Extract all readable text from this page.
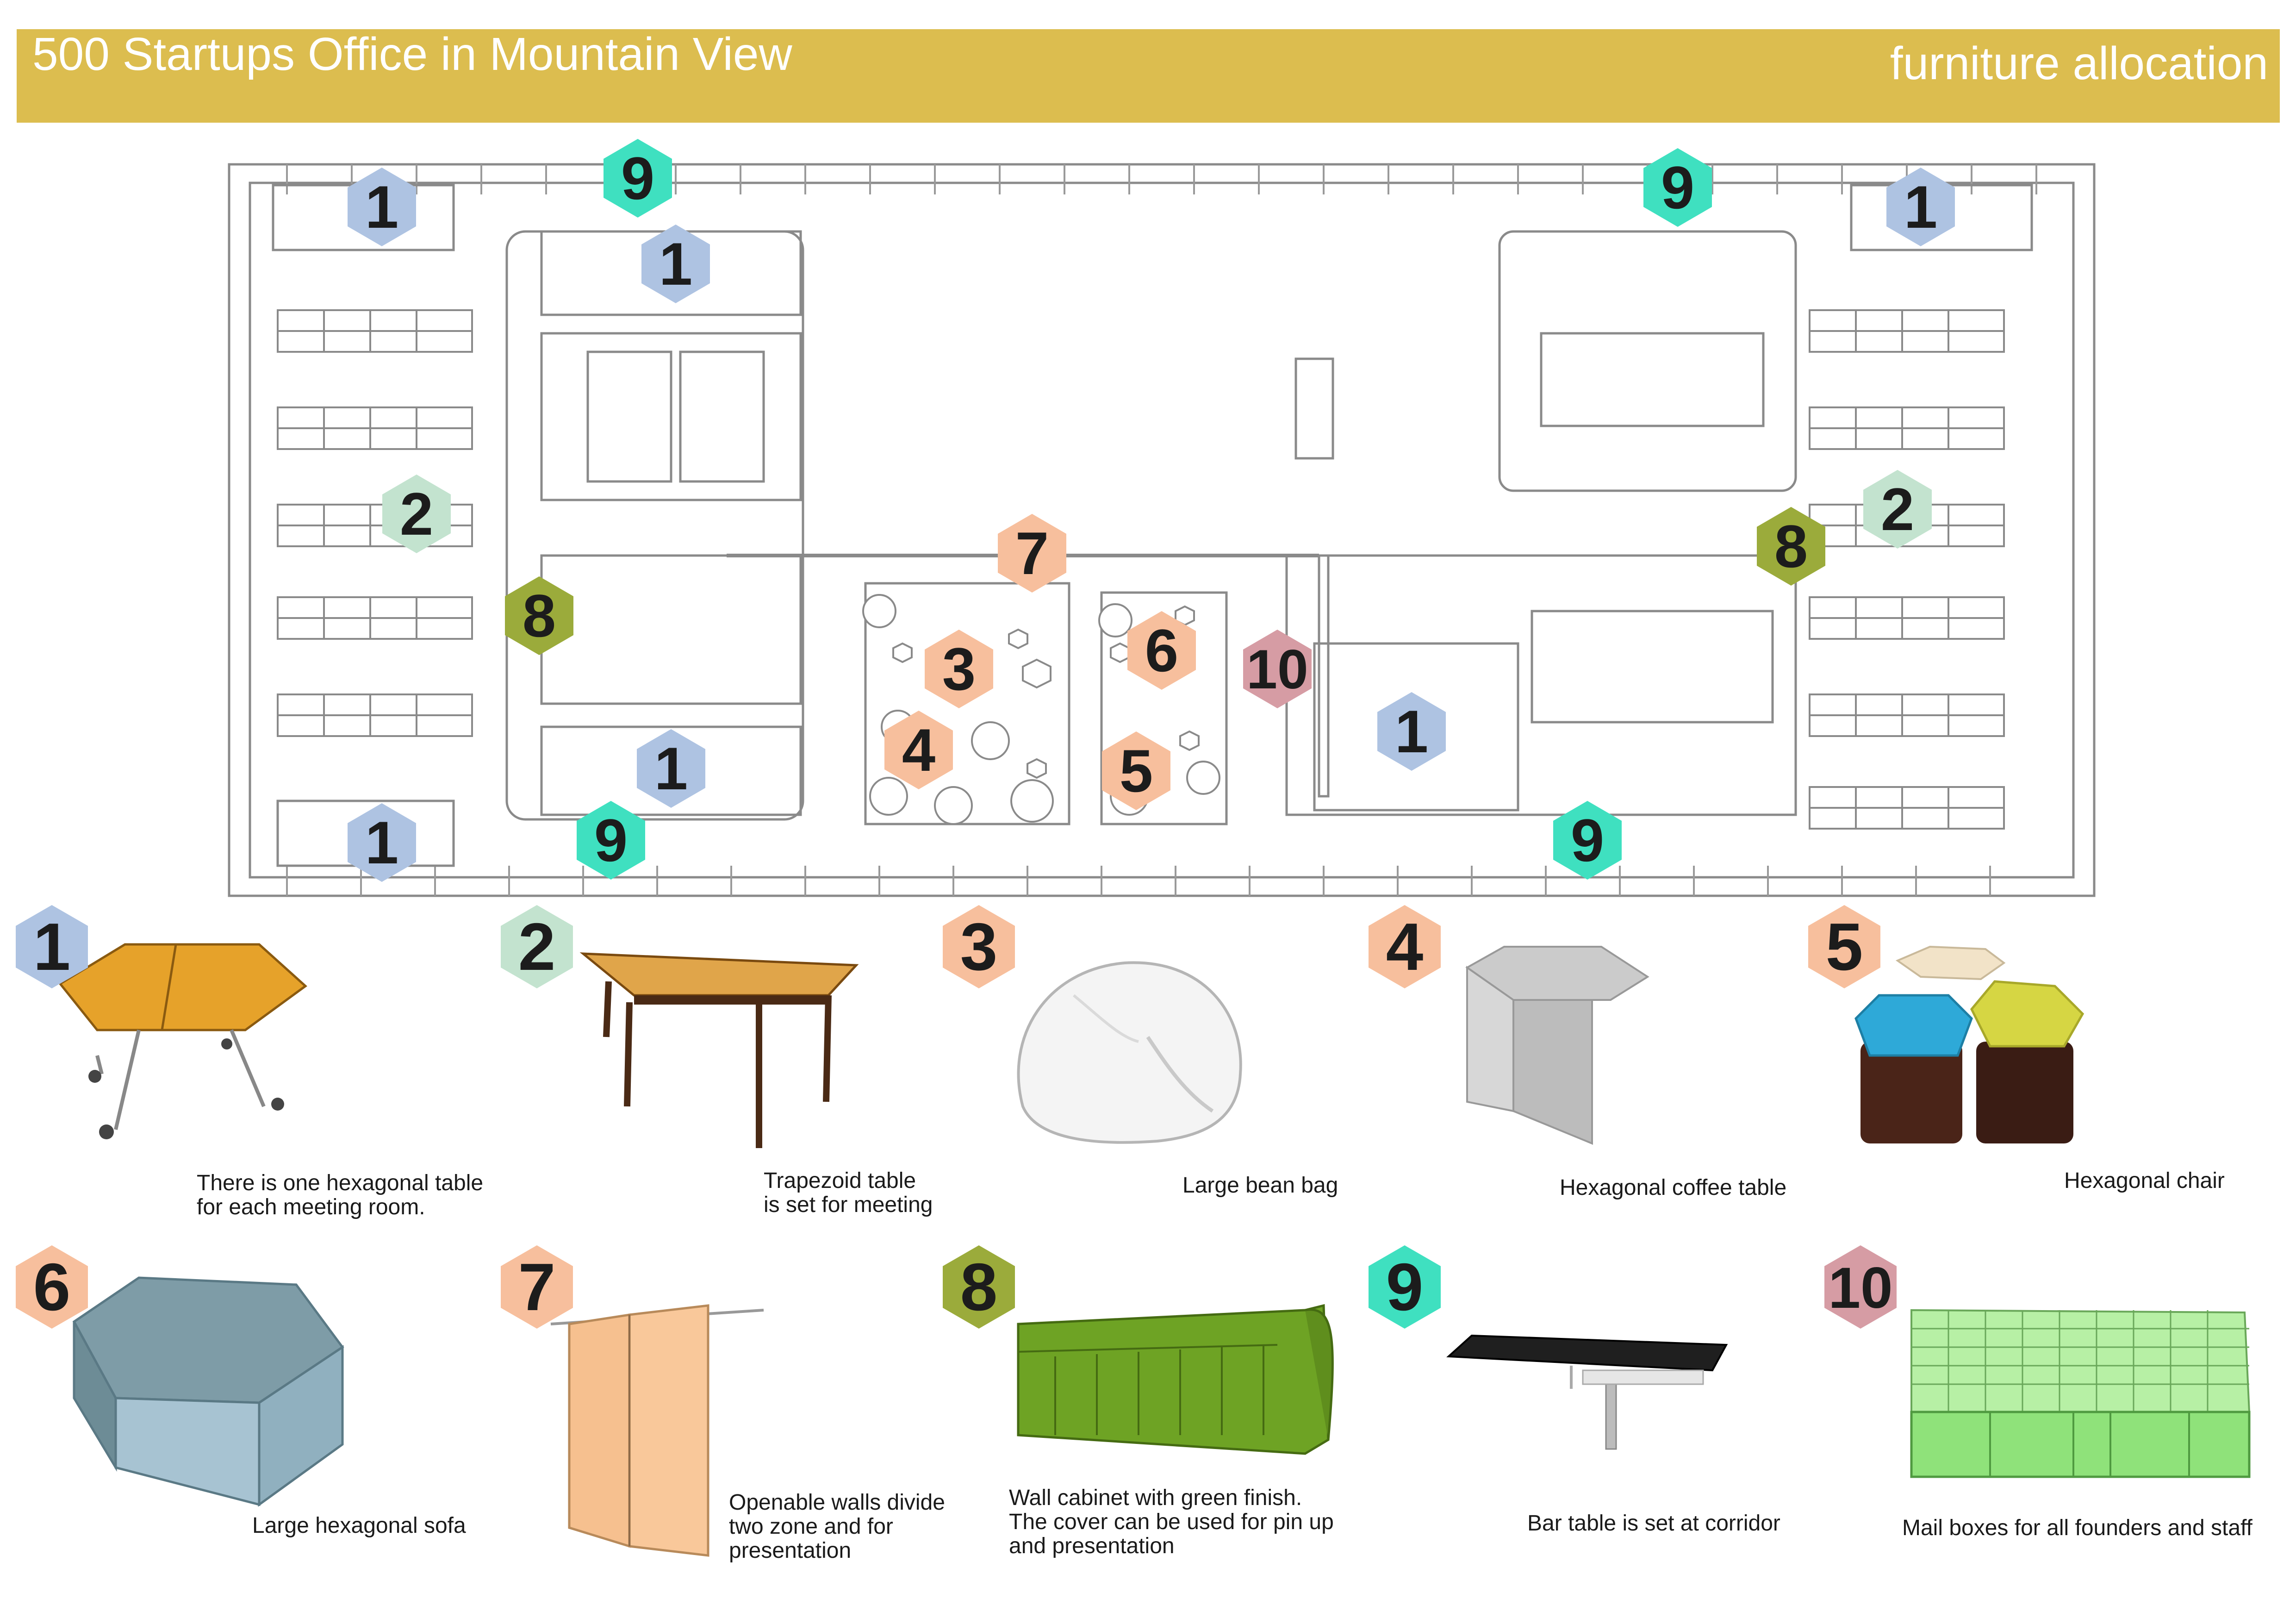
500 Startups Office in Mountain View	furniture allocation
1
1
1
1
1
1
2	2
3
4	5
6
7
8
8
9	9
9	9
10
1	2	3	4	5
6	7	8	9	10
There is one hexagonal table
for each meeting room.
Trapezoid table
is set for meeting
Large bean bag	Hexagonal coffee table	Hexagonal chair
Large hexagonal sofa
Openable walls divide
two zone and for
presentation
Wall cabinet with green finish.
The cover can be used for pin up
and presentation
Bar table is set at corridor	Mail boxes for all founders and staff
